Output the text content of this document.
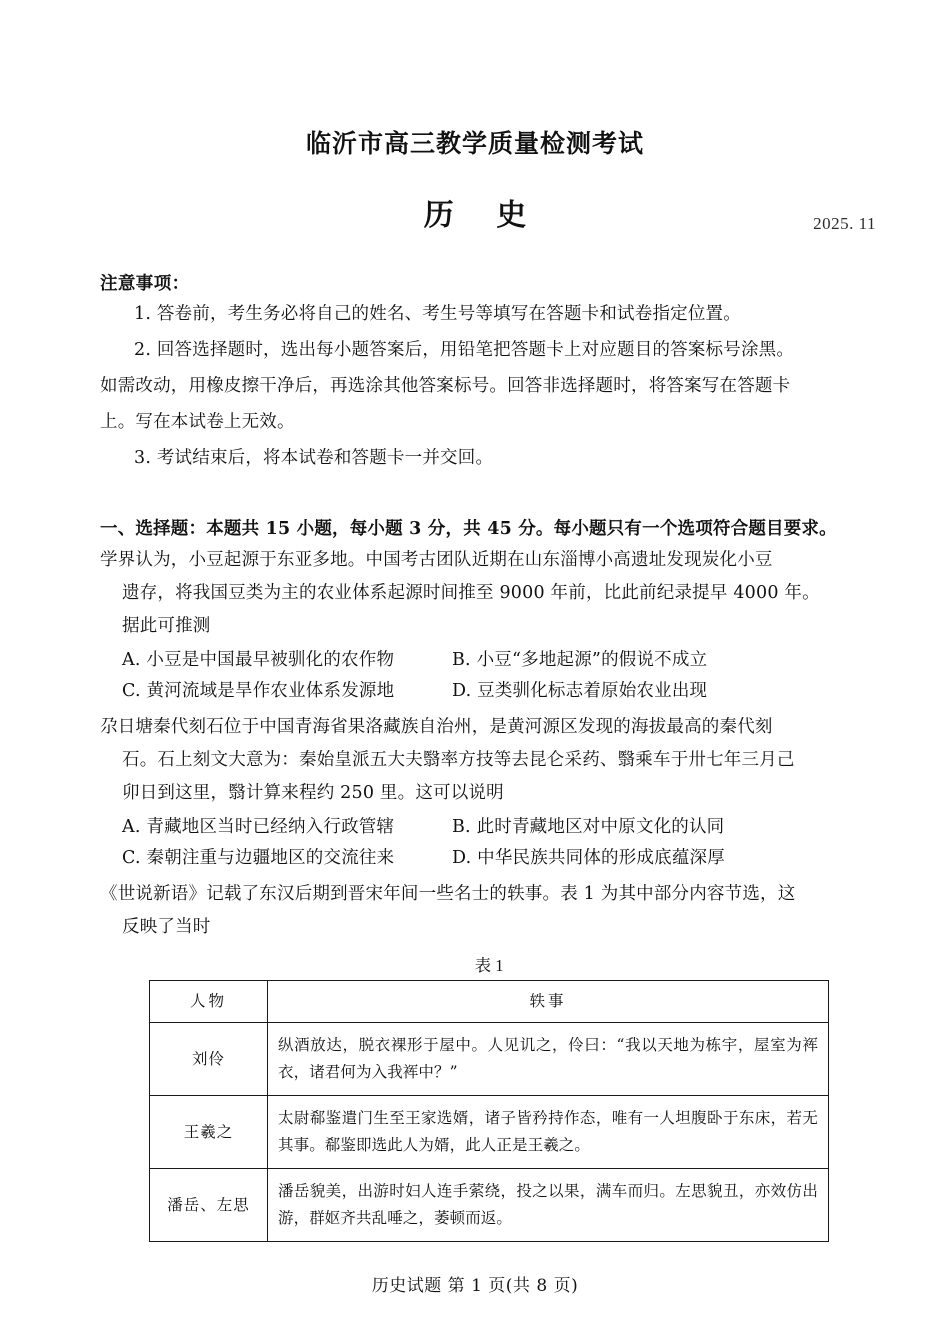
临沂市高三教学质量检测考试
历 史	2025. 11
注意事项：
1. 答卷前，考生务必将自己的姓名、考生号等填写在答题卡和试卷指定位置。
2. 回答选择题时，选出每小题答案后，用铅笔把答题卡上对应题目的答案标号涂黑。
如需改动，用橡皮擦干净后，再选涂其他答案标号。回答非选择题时，将答案写在答题卡
上。写在本试卷上无效。
3. 考试结束后，将本试卷和答题卡一并交回。
一、选择题：本题共 15 小题，每小题 3 分，共 45 分。每小题只有一个选项符合题目要求。
学界认为，小豆起源于东亚多地。中国考古团队近期在山东淄博小高遗址发现炭化小豆
遗存，将我国豆类为主的农业体系起源时间推至 9000 年前，比此前纪录提早 4000 年。
据此可推测
A. 小豆是中国最早被驯化的农作物	B. 小豆“多地起源”的假说不成立
C. 黄河流域是旱作农业体系发源地	D. 豆类驯化标志着原始农业出现
尕日塘秦代刻石位于中国青海省果洛藏族自治州，是黄河源区发现的海拔最高的秦代刻
石。石上刻文大意为：秦始皇派五大夫翳率方技等去昆仑采药、翳乘车于卅七年三月己
卯日到这里，翳计算来程约 250 里。这可以说明
A. 青藏地区当时已经纳入行政管辖	B. 此时青藏地区对中原文化的认同
C. 秦朝注重与边疆地区的交流往来	D. 中华民族共同体的形成底蕴深厚
《世说新语》记载了东汉后期到晋宋年间一些名士的轶事。表 1 为其中部分内容节选，这
反映了当时
表 1
人物	轶事
刘伶	纵酒放达，脱衣裸形于屋中。人见讥之，伶曰：“我以天地为栋宇，屋室为裈衣，诸君何为入我裈中？”
王羲之	太尉郗鉴遣门生至王家选婿，诸子皆矜持作态，唯有一人坦腹卧于东床，若无其事。郗鉴即选此人为婿，此人正是王羲之。
潘岳、左思	潘岳貌美，出游时妇人连手萦绕，投之以果，满车而归。左思貌丑，亦效仿出游，群妪齐共乱唾之，萎顿而返。
历史试题 第 1 页(共 8 页)
